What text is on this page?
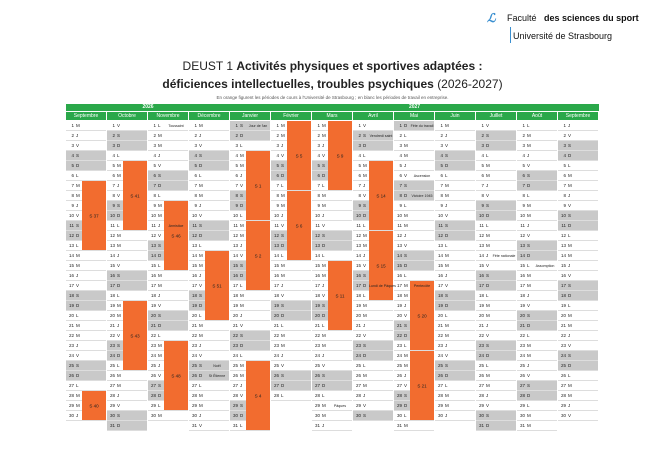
ℒ Faculté des sciences du sport
Université de Strasbourg
DEUST 1 Activités physiques et sportives adaptées :
déficiences intellectuelles, troubles psychiques (2026-2027)
En orange figurent les périodes de cours à l'Université de Strasbourg ; en blanc les périodes de travail en entreprise.
2026	2027
Septembre
1 M
2 J
3 V
4 S
5 D
6 L
7 M
8 M
9 J
10 V
11 S
12 D
13 L
14 M
15 M
16 J
17 V
18 S
19 D
20 L
21 M
22 M
23 J
24 V
25 S
26 D
27 L
28 M
29 M
30 J
Octobre
1 V
2 S
3 D
4 L
5 M
6 M
7 J
8 V
9 S
10 D
11 L
12 M
13 M
14 J
15 V
16 S
17 D
18 L
19 M
20 M
21 J
22 V
23 S
24 D
25 L
26 M
27 M
28 J
29 V
30 S
31 D
Novembre
1 L
2 M
3 M
4 J
5 V
6 S
7 D
8 L
9 M
10 M
11 J
12 V
13 S
14 D
15 L
16 M
17 M
18 J
19 V
20 S
21 D
22 L
23 M
24 M
25 J
26 V
27 S
28 D
29 L
30 M
Décembre
1 M
2 J
3 V
4 S
5 D
6 L
7 M
8 M
9 J
10 V
11 S
12 D
13 L
14 M
15 M
16 J
17 V
18 S
19 D
20 L
21 M
22 M
23 J
24 V
25 S
26 D
27 L
28 M
29 M
30 J
31 V
Janvier
1 S
2 D
3 L
4 M
5 M
6 J
7 V
8 S
9 D
10 L
11 M
12 M
13 J
14 V
15 S
16 D
17 L
18 M
19 M
20 J
21 V
22 S
23 D
24 L
25 M
26 M
27 J
28 V
29 S
30 D
31 L
Février
1 M
2 M
3 J
4 V
5 S
6 D
7 L
8 M
9 M
10 J
11 V
12 S
13 D
14 L
15 M
16 M
17 J
18 V
19 S
20 D
21 L
22 M
23 M
24 J
25 V
26 S
27 D
28 L
Mars
1 M
2 M
3 J
4 V
5 S
6 D
7 L
8 M
9 M
10 J
11 V
12 S
13 D
14 L
15 M
16 M
17 J
18 V
19 S
20 D
21 L
22 M
23 M
24 J
25 V
26 S
27 D
28 L
29 M
30 M
31 J
Avril
1 V
2 S
3 D
4 L
5 M
6 M
7 J
8 V
9 S
10 D
11 L
12 M
13 M
14 J
15 V
16 S
17 D
18 L
19 M
20 M
21 J
22 V
23 S
24 D
25 L
26 M
27 M
28 J
29 V
30 S
Mai
1 D
2 L
3 M
4 M
5 J
6 V
7 S
8 D
9 L
10 M
11 M
12 J
13 V
14 S
15 D
16 L
17 M
18 M
19 J
20 V
21 S
22 D
23 L
24 M
25 M
26 J
27 V
28 S
29 D
30 L
31 M
Juin
1 M
2 J
3 V
4 S
5 D
6 L
7 M
8 M
9 J
10 V
11 S
12 D
13 L
14 M
15 M
16 J
17 V
18 S
19 D
20 L
21 M
22 M
23 J
24 V
25 S
26 D
27 L
28 M
29 M
30 J
Juillet
1 V
2 S
3 D
4 L
5 M
6 M
7 J
8 V
9 S
10 D
11 L
12 M
13 M
14 J
15 V
16 S
17 D
18 L
19 M
20 M
21 J
22 V
23 S
24 D
25 L
26 M
27 M
28 J
29 V
30 S
31 D
Août
1 L
2 M
3 M
4 J
5 V
6 S
7 D
8 L
9 M
10 M
11 J
12 V
13 S
14 D
15 L
16 M
17 M
18 J
19 V
20 S
21 D
22 L
23 M
24 M
25 J
26 V
27 S
28 D
29 L
30 M
31 M
Septembre
1 J
2 V
3 S
4 D
5 L
6 M
7 M
8 J
9 V
10 S
11 D
12 L
13 M
14 M
15 J
16 V
17 S
18 D
19 L
20 M
21 M
22 J
23 V
24 S
25 D
26 L
27 M
28 M
29 J
30 V
S 37
S 41
S 43
S 46
S 51
S 48
S 1
S 2
S 4
S 5
S 6
S 9
S 11
S 14
S 15
S 20
S 21
S 40
Toussaint
Armistice
Noël
St Étienne
Jour de l'an	Fête du travail
Victoire 1945
Ascension
Pentecôte
Lundi de Pâques
Assomption
Fête nationale
Pâques
Vendredi saint
